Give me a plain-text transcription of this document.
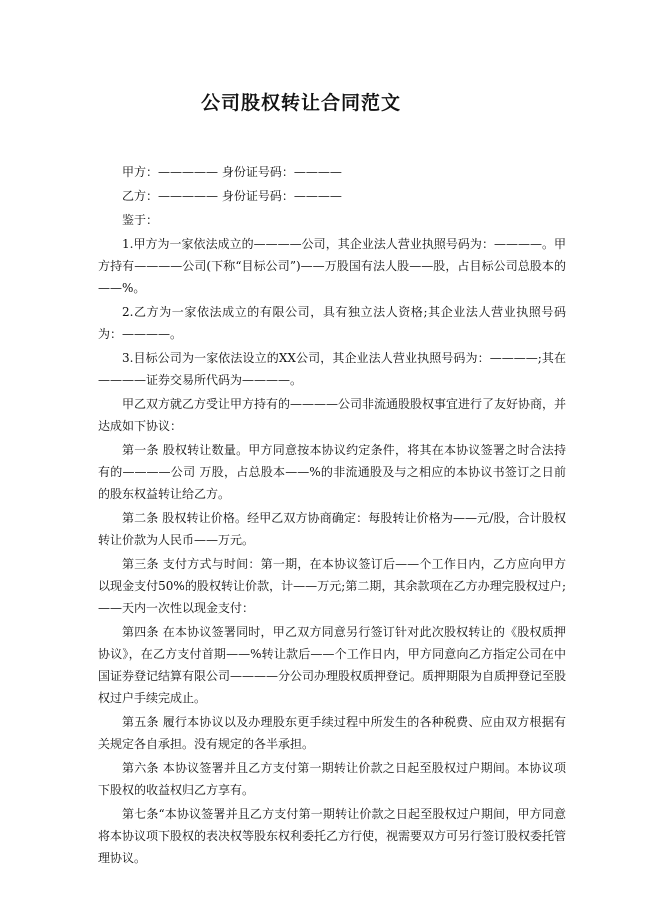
公司股权转让合同范文

甲方：————— 身份证号码：————

乙方：————— 身份证号码：————

鉴于：

1.甲方为一家依法成立的————公司，其企业法人营业执照号码为：————。甲方持有————公司(下称“目标公司”)——万股国有法人股——股，占目标公司总股本的——%。

2.乙方为一家依法成立的有限公司，具有独立法人资格;其企业法人营业执照号码为：————。

3.目标公司为一家依法设立的XX公司，其企业法人营业执照号码为：————;其在————证券交易所代码为————。

甲乙双方就乙方受让甲方持有的————公司非流通股股权事宜进行了友好协商，并达成如下协议：

第一条 股权转让数量。甲方同意按本协议约定条件，将其在本协议签署之时合法持有的————公司 万股，占总股本——%的非流通股及与之相应的本协议书签订之日前的股东权益转让给乙方。

第二条 股权转让价格。经甲乙双方协商确定：每股转让价格为——元/股，合计股权转让价款为人民币——万元。

第三条 支付方式与时间：第一期，在本协议签订后——个工作日内，乙方应向甲方以现金支付50%的股权转让价款，计——万元;第二期，其余款项在乙方办理完股权过户;——天内一次性以现金支付：

第四条 在本协议签署同时，甲乙双方同意另行签订针对此次股权转让的《股权质押协议》，在乙方支付首期——%转让款后——个工作日内，甲方同意向乙方指定公司在中国证券登记结算有限公司————分公司办理股权质押登记。质押期限为自质押登记至股权过户手续完成止。

第五条 履行本协议以及办理股东更手续过程中所发生的各种税费、应由双方根据有关规定各自承担。没有规定的各半承担。

第六条 本协议签署并且乙方支付第一期转让价款之日起至股权过户期间。本协议项下股权的收益权归乙方享有。

第七条“本协议签署并且乙方支付第一期转让价款之日起至股权过户期间，甲方同意将本协议项下股权的表决权等股东权利委托乙方行使，视需要双方可另行签订股权委托管理协议。
